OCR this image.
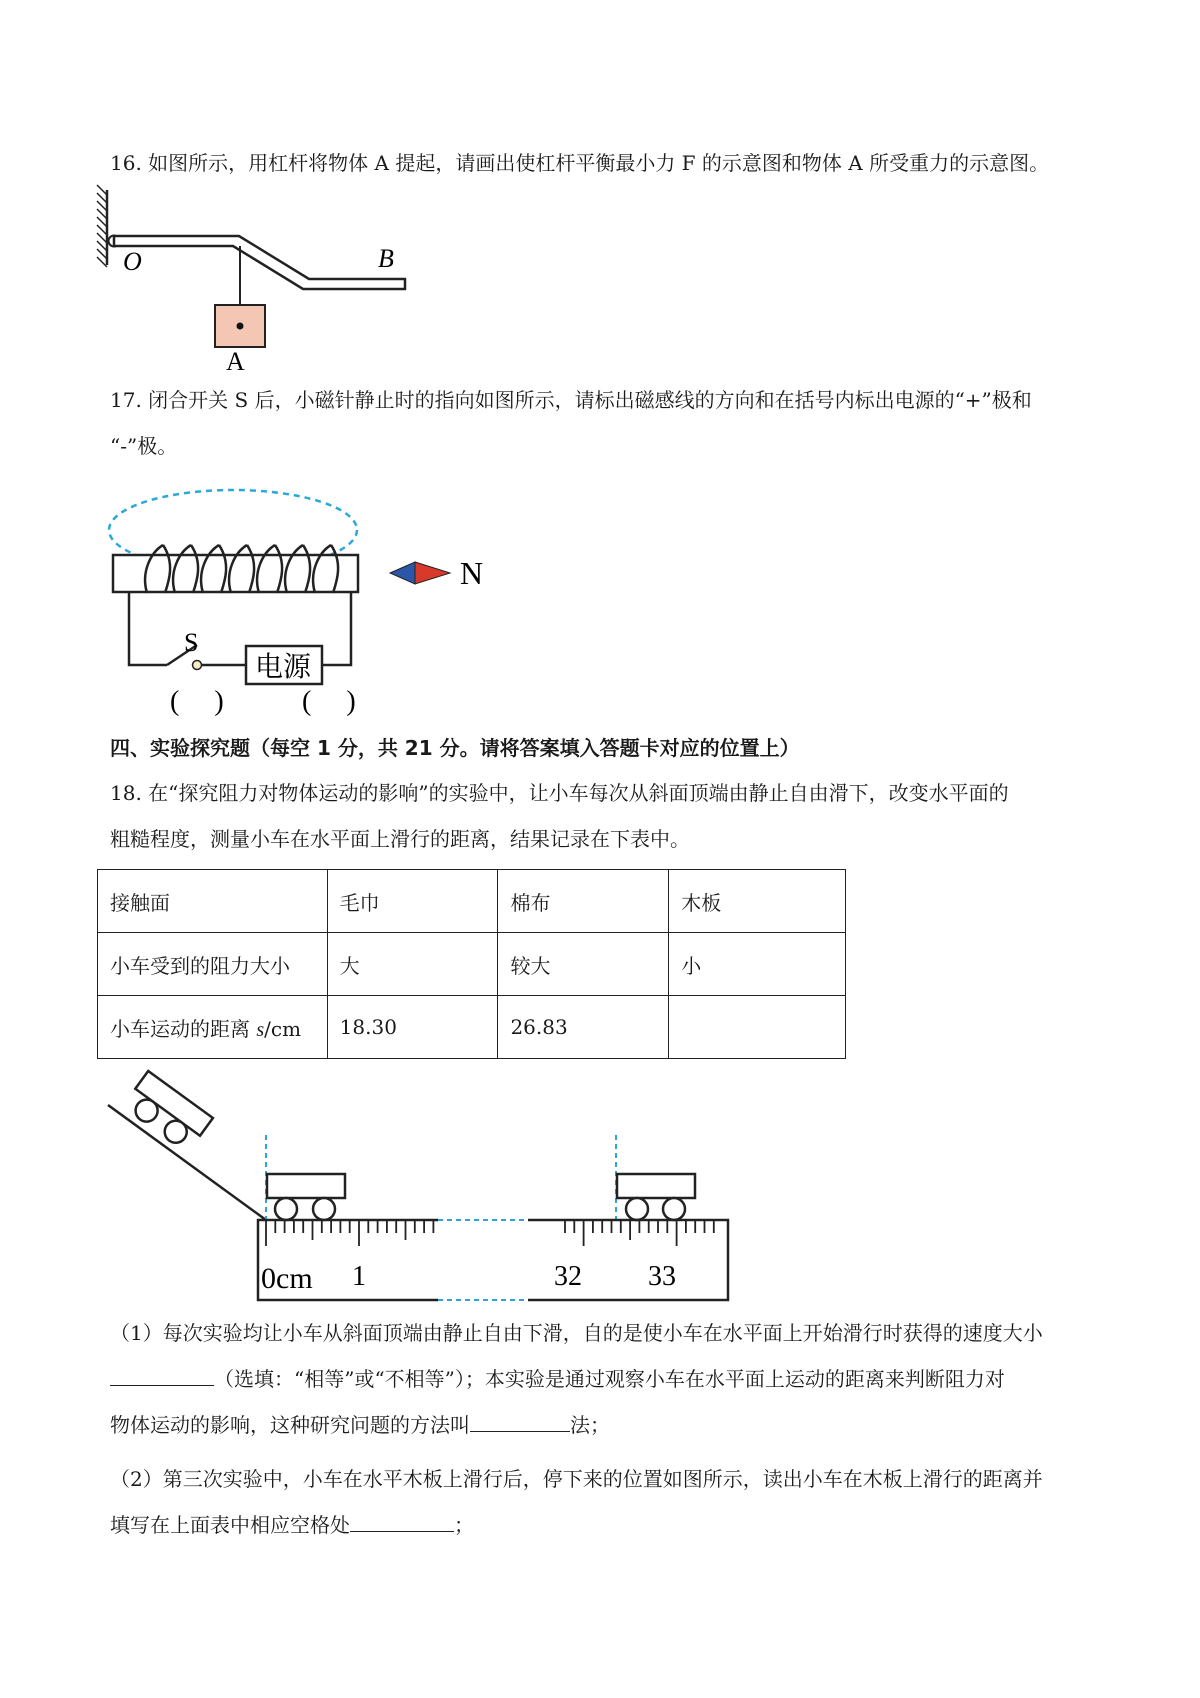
16. 如图所示，用杠杆将物体 A 提起，请画出使杠杆平衡最小力 F 的示意图和物体 A 所受重力的示意图。

O	B
A

17. 闭合开关 S 后，小磁针静止时的指向如图所示，请标出磁感线的方向和在括号内标出电源的“+”极和

“-”极。

电源
S
(     )	(     )
N

四、实验探究题（每空 1 分，共 21 分。请将答案填入答题卡对应的位置上）

18. 在“探究阻力对物体运动的影响”的实验中，让小车每次从斜面顶端由静止自由滑下，改变水平面的

粗糙程度，测量小车在水平面上滑行的距离，结果记录在下表中。

接触面	毛巾	棉布	木板
小车受到的阻力大小	大	较大	小
小车运动的距离 s/cm	18.30	26.83	
0cm 1	32 33

（1）每次实验均让小车从斜面顶端由静止自由下滑，自的是使小车在水平面上开始滑行时获得的速度大小

（选填：“相等”或“不相等”）；本实验是通过观察小车在水平面上运动的距离来判断阻力对

物体运动的影响，这种研究问题的方法叫	法；

（2）第三次实验中，小车在水平木板上滑行后，停下来的位置如图所示，读出小车在木板上滑行的距离并

填写在上面表中相应空格处	；
